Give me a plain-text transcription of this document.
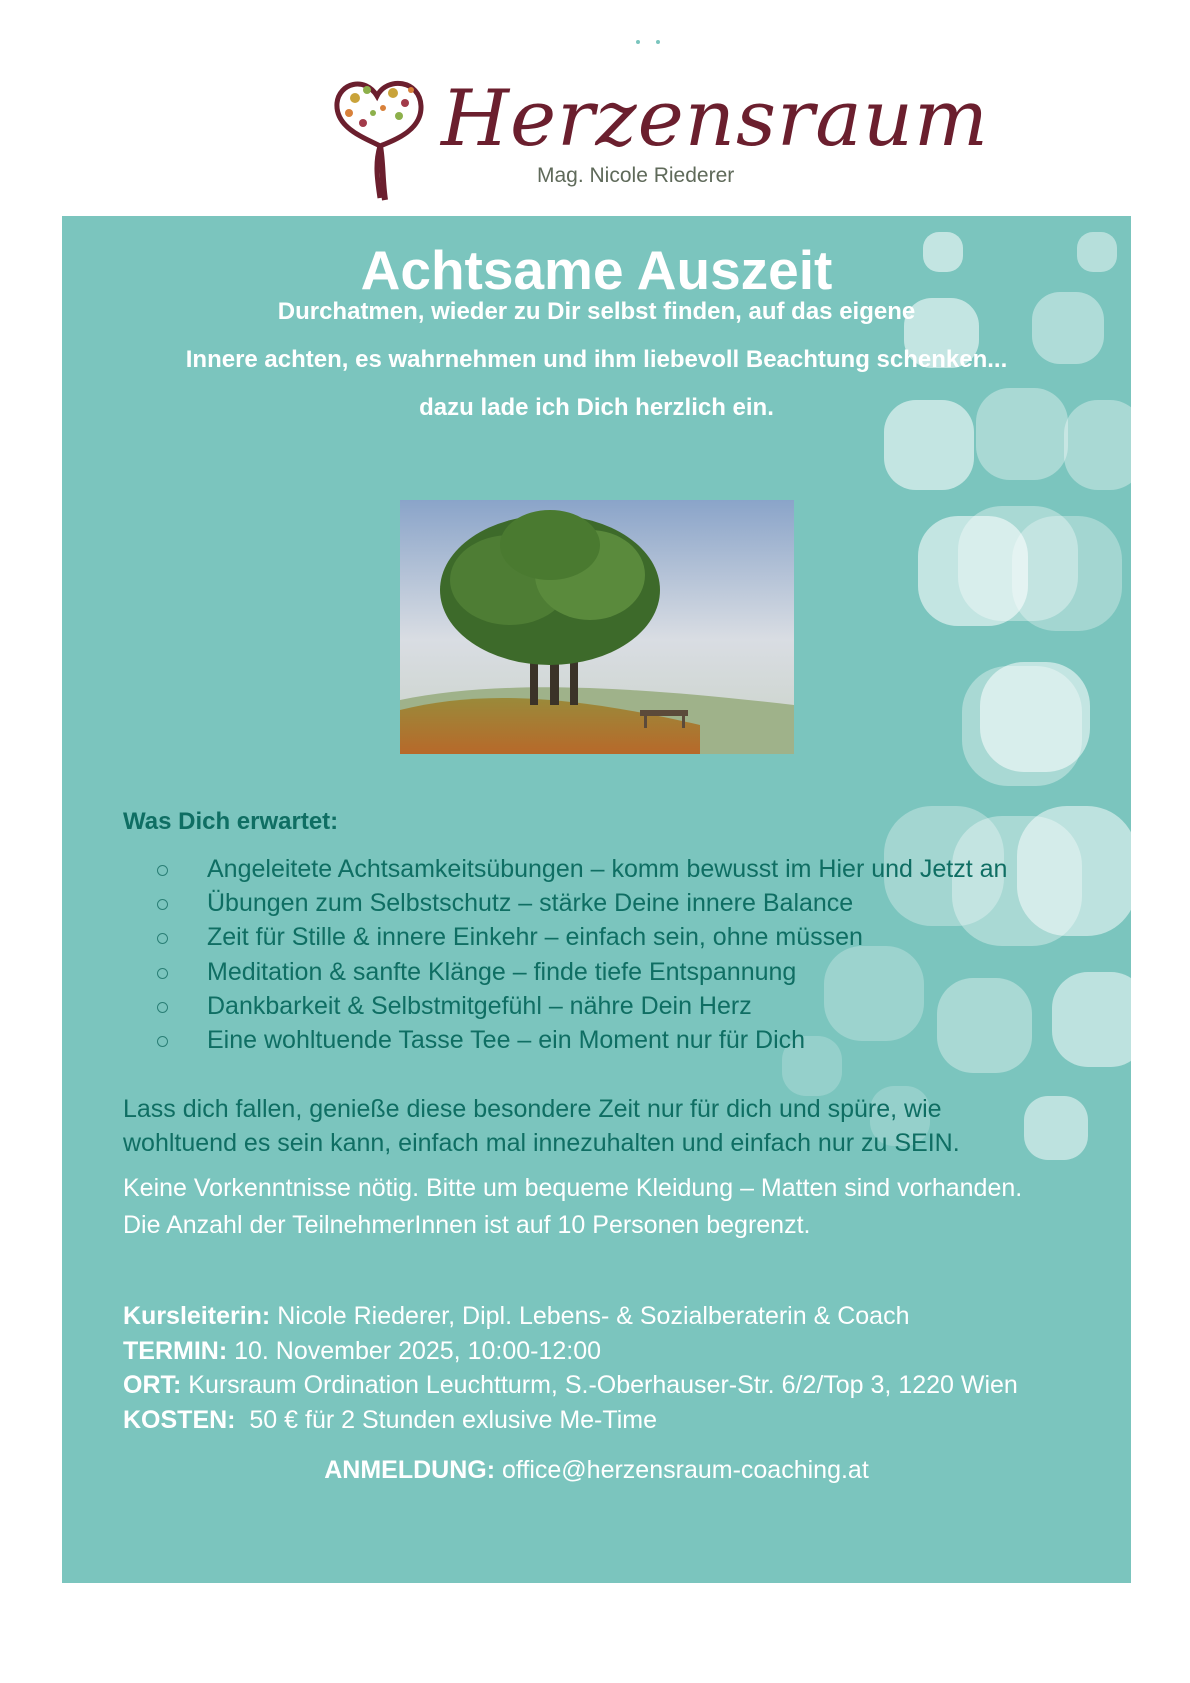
Herzensraum
Mag. Nicole Riederer
Achtsame Auszeit
Durchatmen, wieder zu Dir selbst finden, auf das eigene
Innere achten, es wahrnehmen und ihm liebevoll Beachtung schenken...
dazu lade ich Dich herzlich ein.
Was Dich erwartet:
Angeleitete Achtsamkeitsübungen – komm bewusst im Hier und Jetzt an
Übungen zum Selbstschutz – stärke Deine innere Balance
Zeit für Stille & innere Einkehr – einfach sein, ohne müssen
Meditation & sanfte Klänge – finde tiefe Entspannung
Dankbarkeit & Selbstmitgefühl – nähre Dein Herz
Eine wohltuende Tasse Tee – ein Moment nur für Dich
Lass dich fallen, genieße diese besondere Zeit nur für dich und spüre, wie
wohltuend es sein kann, einfach mal innezuhalten und einfach nur zu SEIN.
Keine Vorkenntnisse nötig. Bitte um bequeme Kleidung – Matten sind vorhanden.
Die Anzahl der TeilnehmerInnen ist auf 10 Personen begrenzt.
Kursleiterin: Nicole Riederer, Dipl. Lebens- & Sozialberaterin & Coach
TERMIN: 10. November 2025, 10:00-12:00
ORT: Kursraum Ordination Leuchtturm, S.-Oberhauser-Str. 6/2/Top 3, 1220 Wien
KOSTEN:  50 € für 2 Stunden exlusive Me-Time
ANMELDUNG: office@herzensraum-coaching.at
